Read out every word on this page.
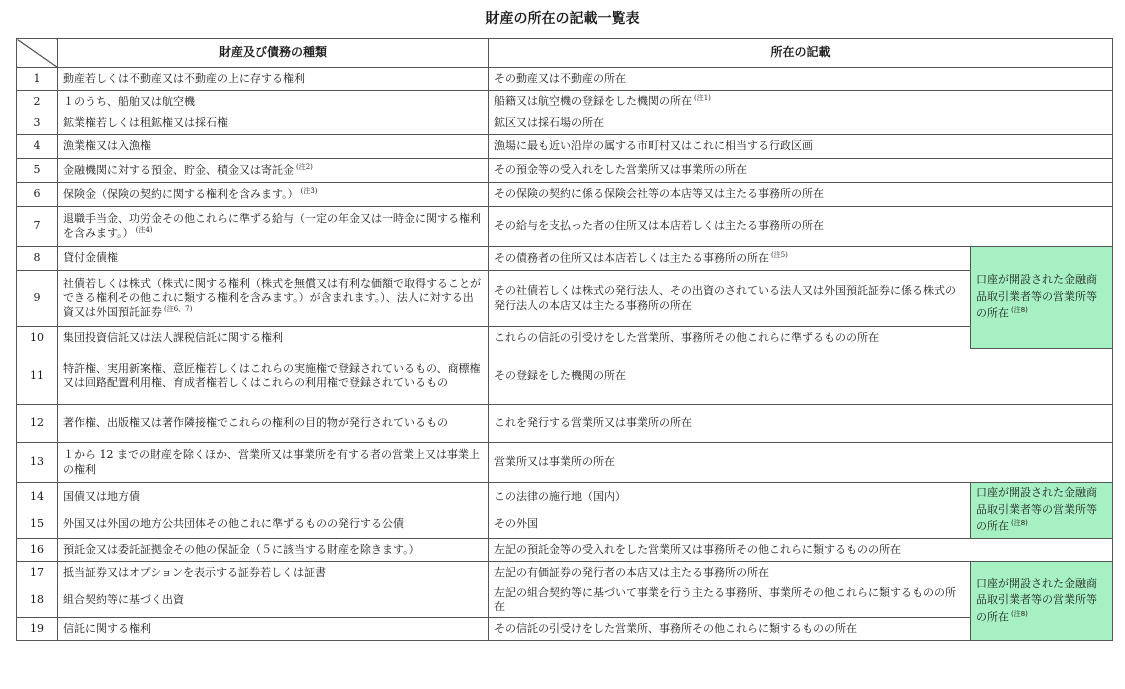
財産の所在の記載一覧表
	財産及び債務の種類	所在の記載	
1	動産若しくは不動産又は不動産の上に存する権利	その動産又は不動産の所在	
2	１のうち、船舶又は航空機	船籍又は航空機の登録をした機関の所在 $^{(注1)}$
3	鉱業権若しくは租鉱権又は採石権	鉱区又は採石場の所在	
4	漁業権又は入漁権	漁場に最も近い沿岸の属する市町村又はこれに相当する行政区画	
5	金融機関に対する預金、貯金、積金又は寄託金 $^{(注2)}$	その預金等の受入れをした営業所又は事業所の所在	
6	保険金（保険の契約に関する権利を含みます。） $^{(注3)}$	その保険の契約に係る保険会社等の本店等又は主たる事務所の所在	
7	退職手当金、功労金その他これらに準ずる給与（一定の年金又は一時金に関する権利を含みます。） $^{(注4)}$	その給与を支払った者の住所又は本店若しくは主たる事務所の所在	
8	貸付金債権	その債務者の住所又は本店若しくは主たる事務所の所在 $^{(注5)}$	口座が開設された金融商品取引業者等の営業所等の所在 $^{(注8)}$
9	社債若しくは株式（株式に関する権利（株式を無償又は有利な価額で取得することができる権利その他これに類する権利を含みます。）が含まれます。）、法人に対する出資又は外国預託証券 $^{(注6、7)}$	その社債若しくは株式の発行法人、その出資のされている法人又は外国預託証券に係る株式の発行法人の本店又は主たる事務所の所在	
10	集団投資信託又は法人課税信託に関する権利	これらの信託の引受けをした営業所、事務所その他これらに準ずるものの所在	
11	特許権、実用新案権、意匠権若しくはこれらの実施権で登録されているもの、商標権又は回路配置利用権、育成者権若しくはこれらの利用権で登録されているもの	その登録をした機関の所在	
12	著作権、出版権又は著作隣接権でこれらの権利の目的物が発行されているもの	これを発行する営業所又は事業所の所在	
13	１から 12 までの財産を除くほか、営業所又は事業所を有する者の営業上又は事業上の権利	営業所又は事業所の所在	
14	国債又は地方債	この法律の施行地（国内）	口座が開設された金融商品取引業者等の営業所等の所在 $^{(注8)}$
15	外国又は外国の地方公共団体その他これに準ずるものの発行する公債	その外国	
16	預託金又は委託証拠金その他の保証金（５に該当する財産を除きます。）	左記の預託金等の受入れをした営業所又は事務所その他これらに類するものの所在	
17	抵当証券又はオプションを表示する証券若しくは証書	左記の有価証券の発行者の本店又は主たる事務所の所在	口座が開設された金融商品取引業者等の営業所等の所在 $^{(注8)}$
18	組合契約等に基づく出資	左記の組合契約等に基づいて事業を行う主たる事務所、事業所その他これらに類するものの所在	
19	信託に関する権利	その信託の引受けをした営業所、事務所その他これらに類するものの所在	
